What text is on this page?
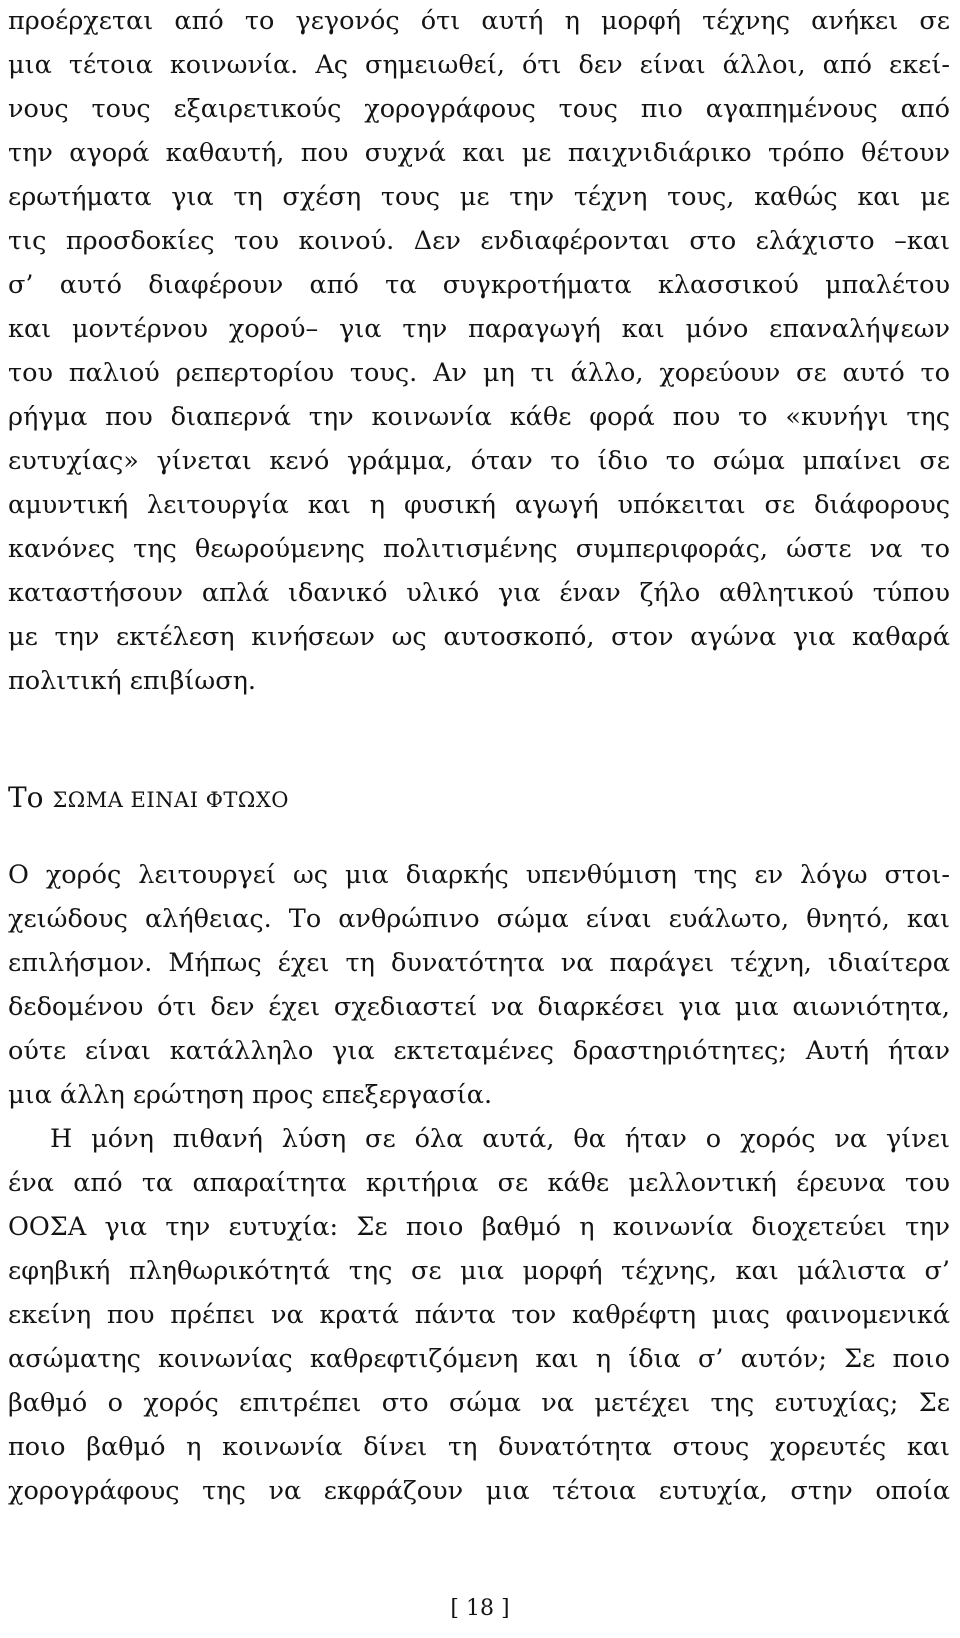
προέρχεται από το γεγονός ότι αυτή η μορφή τέχνης ανήκει σε
μια τέτοια κοινωνία. Ας σημειωθεί, ότι δεν είναι άλλοι, από εκεί-
νους τους εξαιρετικούς χορογράφους τους πιο αγαπημένους από
την αγορά καθαυτή, που συχνά και με παιχνιδιάρικο τρόπο θέτουν
ερωτήματα για τη σχέση τους με την τέχνη τους, καθώς και με
τις προσδοκίες του κοινού. Δεν ενδιαφέρονται στο ελάχιστο –και
σ’ αυτό διαφέρουν από τα συγκροτήματα κλασσικού μπαλέτου
και μοντέρνου χορού– για την παραγωγή και μόνο επαναλήψεων
του παλιού ρεπερτορίου τους. Αν μη τι άλλο, χορεύουν σε αυτό το
ρήγμα που διαπερνά την κοινωνία κάθε φορά που το «κυνήγι της
ευτυχίας» γίνεται κενό γράμμα, όταν το ίδιο το σώμα μπαίνει σε
αμυντική λειτουργία και η φυσική αγωγή υπόκειται σε διάφορους
κανόνες της θεωρούμενης πολιτισμένης συμπεριφοράς, ώστε να το
καταστήσουν απλά ιδανικό υλικό για έναν ζήλο αθλητικού τύπου
με την εκτέλεση κινήσεων ως αυτοσκοπό, στον αγώνα για καθαρά
πολιτική επιβίωση.
Το ΣΩΜΑ ΕΙΝΑΙ ΦΤΩΧΟ
Ο χορός λειτουργεί ως μια διαρκής υπενθύμιση της εν λόγω στοι-
χειώδους αλήθειας. Το ανθρώπινο σώμα είναι ευάλωτο, θνητό, και
επιλήσμον. Μήπως έχει τη δυνατότητα να παράγει τέχνη, ιδιαίτερα
δεδομένου ότι δεν έχει σχεδιαστεί να διαρκέσει για μια αιωνιότητα,
ούτε είναι κατάλληλο για εκτεταμένες δραστηριότητες; Αυτή ήταν
μια άλλη ερώτηση προς επεξεργασία.
Η μόνη πιθανή λύση σε όλα αυτά, θα ήταν ο χορός να γίνει
ένα από τα απαραίτητα κριτήρια σε κάθε μελλοντική έρευνα του
ΟΟΣΑ για την ευτυχία: Σε ποιο βαθμό η κοινωνία διοχετεύει την
εφηβική πληθωρικότητά της σε μια μορφή τέχνης, και μάλιστα σ’
εκείνη που πρέπει να κρατά πάντα τον καθρέφτη μιας φαινομενικά
ασώματης κοινωνίας καθρεφτιζόμενη και η ίδια σ’ αυτόν; Σε ποιο
βαθμό ο χορός επιτρέπει στο σώμα να μετέχει της ευτυχίας; Σε
ποιο βαθμό η κοινωνία δίνει τη δυνατότητα στους χορευτές και
χορογράφους της να εκφράζουν μια τέτοια ευτυχία, στην οποία
[ 18 ]
